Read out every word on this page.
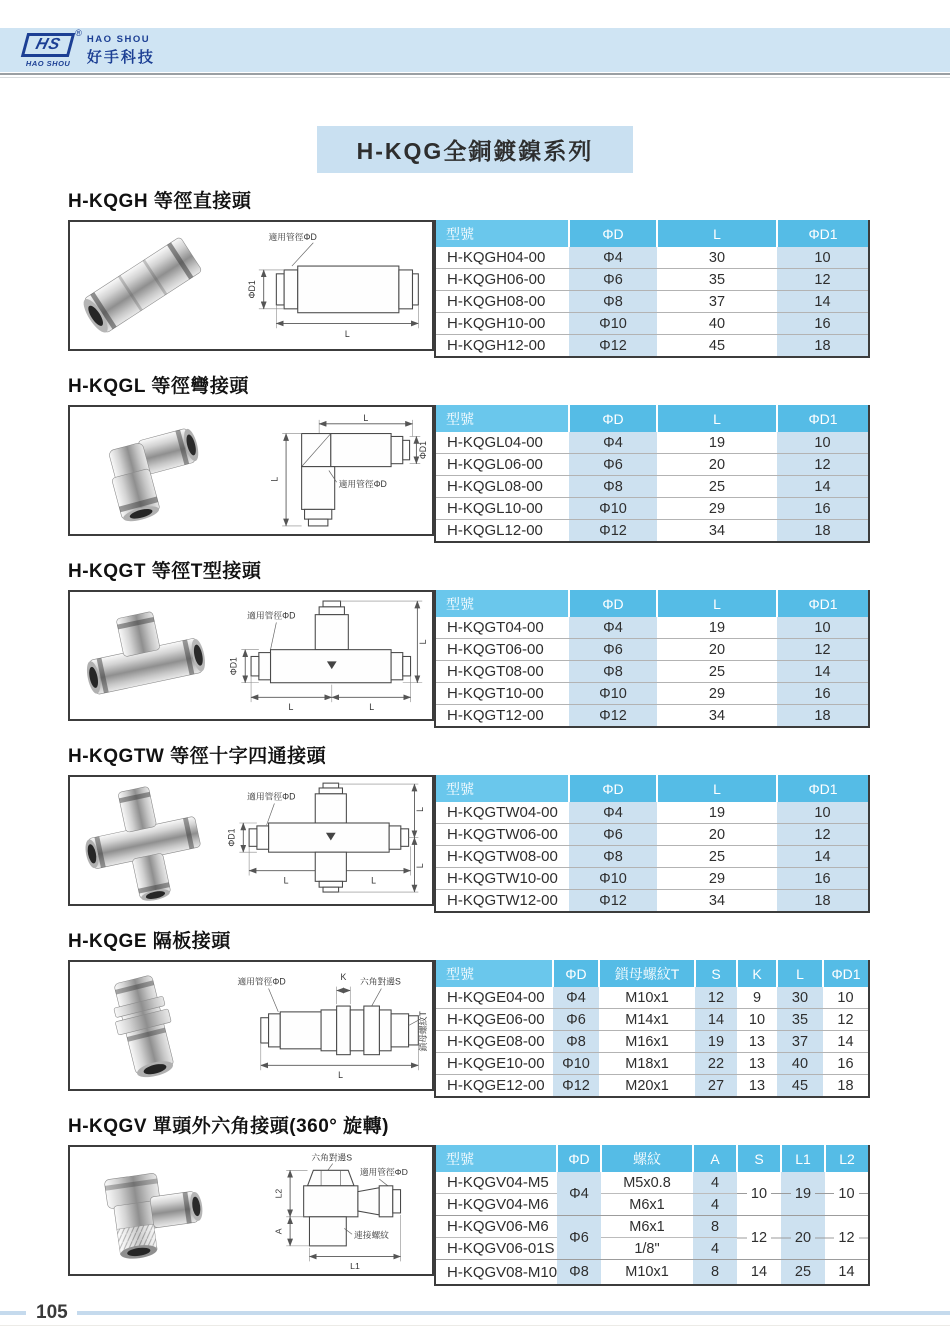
HS
HAO SHOU
®
HAO SHOU
好手科技
H-KQG全銅鍍鎳系列
H-KQGH 等徑直接頭
適用管徑ΦD
ΦD1
L
型號	ΦD	L	ΦD1
H-KQGH04-00	Φ4	30	10
H-KQGH06-00	Φ6	35	12
H-KQGH08-00	Φ8	37	14
H-KQGH10-00	Φ10	40	16
H-KQGH12-00	Φ12	45	18
H-KQGL 等徑彎接頭
L
ΦD1
適用管徑ΦD
L
型號	ΦD	L	ΦD1
H-KQGL04-00	Φ4	19	10
H-KQGL06-00	Φ6	20	12
H-KQGL08-00	Φ8	25	14
H-KQGL10-00	Φ10	29	16
H-KQGL12-00	Φ12	34	18
H-KQGT 等徑T型接頭
適用管徑ΦD
ΦD1
L
L	L
型號	ΦD	L	ΦD1
H-KQGT04-00	Φ4	19	10
H-KQGT06-00	Φ6	20	12
H-KQGT08-00	Φ8	25	14
H-KQGT10-00	Φ10	29	16
H-KQGT12-00	Φ12	34	18
H-KQGTW 等徑十字四通接頭
適用管徑ΦD
ΦD1
L
L
L	L
型號	ΦD	L	ΦD1
H-KQGTW04-00	Φ4	19	10
H-KQGTW06-00	Φ6	20	12
H-KQGTW08-00	Φ8	25	14
H-KQGTW10-00	Φ10	29	16
H-KQGTW12-00	Φ12	34	18
H-KQGE 隔板接頭
適用管徑ΦD	K 六角對邊S
鎖母螺紋T
L
型號	ΦD	鎖母螺紋T	S	K	L	ΦD1
H-KQGE04-00	Φ4	M10x1	12	9	30	10
H-KQGE06-00	Φ6	M14x1	14	10	35	12
H-KQGE08-00	Φ8	M16x1	19	13	37	14
H-KQGE10-00	Φ10	M18x1	22	13	40	16
H-KQGE12-00	Φ12	M20x1	27	13	45	18
H-KQGV 單頭外六角接頭(360° 旋轉)
六角對邊S
適用管徑ΦD
連接螺紋
L2
A
L1
型號	ΦD	螺紋	A	S	L1	L2
H-KQGV04-M5	Φ4	M5x0.8	4	10	19	10
H-KQGV04-M6		M6x1	4			
H-KQGV06-M6	Φ6	M6x1	8	12	20	12
H-KQGV06-01S		1/8"	4			
H-KQGV08-M10	Φ8	M10x1	8	14	25	14
105
